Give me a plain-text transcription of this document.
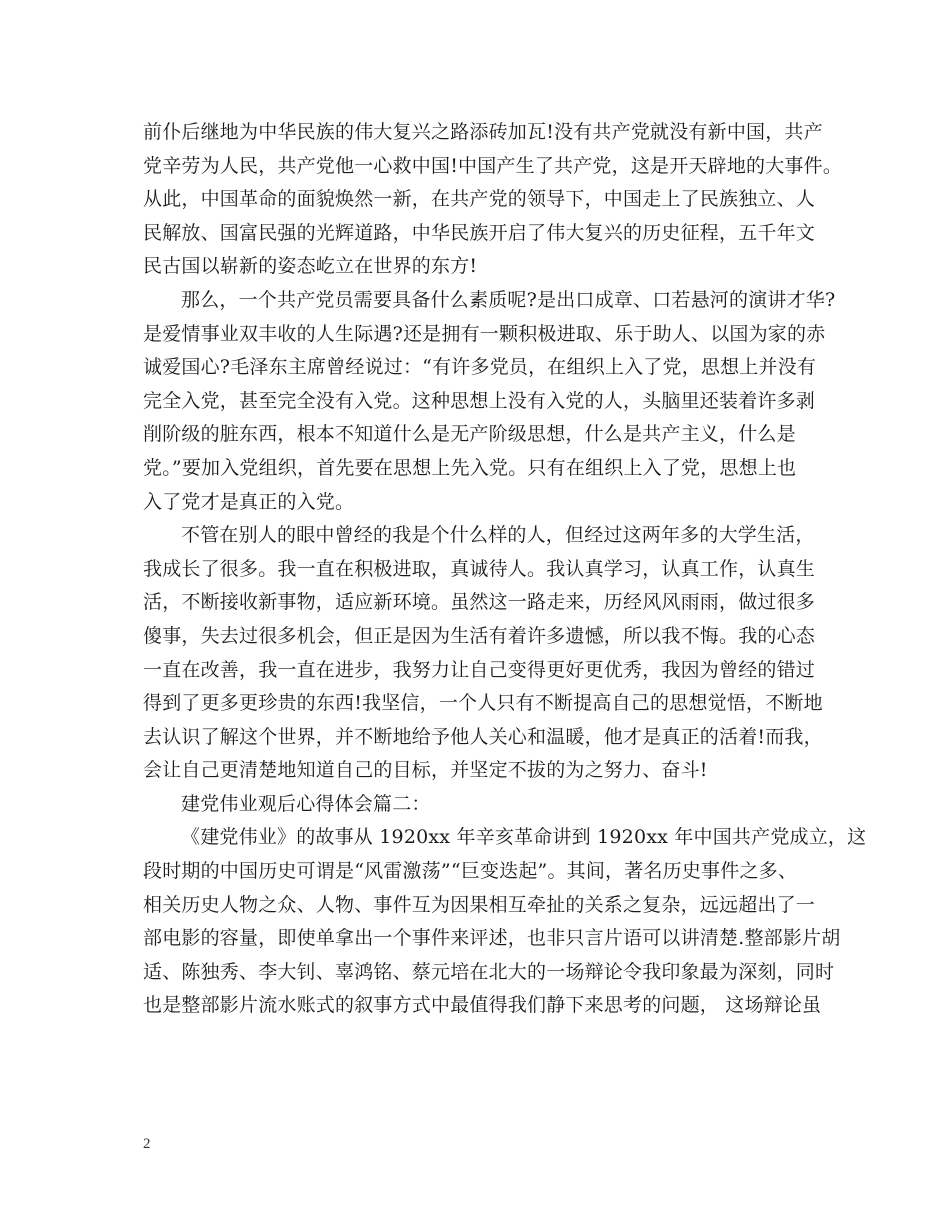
前仆后继地为中华民族的伟大复兴之路添砖加瓦!没有共产党就没有新中国，共产
党辛劳为人民，共产党他一心救中国!中国产生了共产党，这是开天辟地的大事件。
从此，中国革命的面貌焕然一新，在共产党的领导下，中国走上了民族独立、人
民解放、国富民强的光辉道路，中华民族开启了伟大复兴的历史征程，五千年文
民古国以崭新的姿态屹立在世界的东方!
那么，一个共产党员需要具备什么素质呢?是出口成章、口若悬河的演讲才华?
是爱情事业双丰收的人生际遇?还是拥有一颗积极进取、乐于助人、以国为家的赤
诚爱国心?毛泽东主席曾经说过：“有许多党员，在组织上入了党，思想上并没有
完全入党，甚至完全没有入党。这种思想上没有入党的人，头脑里还装着许多剥
削阶级的脏东西，根本不知道什么是无产阶级思想，什么是共产主义，什么是
党。”要加入党组织，首先要在思想上先入党。只有在组织上入了党，思想上也
入了党才是真正的入党。
不管在别人的眼中曾经的我是个什么样的人，但经过这两年多的大学生活，
我成长了很多。我一直在积极进取，真诚待人。我认真学习，认真工作，认真生
活，不断接收新事物，适应新环境。虽然这一路走来，历经风风雨雨，做过很多
傻事，失去过很多机会，但正是因为生活有着许多遗憾，所以我不悔。我的心态
一直在改善，我一直在进步，我努力让自己变得更好更优秀，我因为曾经的错过
得到了更多更珍贵的东西!我坚信，一个人只有不断提高自己的思想觉悟，不断地
去认识了解这个世界，并不断地给予他人关心和温暖，他才是真正的活着!而我，
会让自己更清楚地知道自己的目标，并坚定不拔的为之努力、奋斗!
建党伟业观后心得体会篇二：
《建党伟业》的故事从 1920xx 年辛亥革命讲到 1920xx 年中国共产党成立，这
段时期的中国历史可谓是“风雷激荡”“巨变迭起”。其间，著名历史事件之多、
相关历史人物之众、人物、事件互为因果相互牵扯的关系之复杂，远远超出了一
部电影的容量，即使单拿出一个事件来评述，也非只言片语可以讲清楚.整部影片胡
适、陈独秀、李大钊、辜鸿铭、蔡元培在北大的一场辩论令我印象最为深刻，同时
也是整部影片流水账式的叙事方式中最值得我们静下来思考的问题， 这场辩论虽
2
